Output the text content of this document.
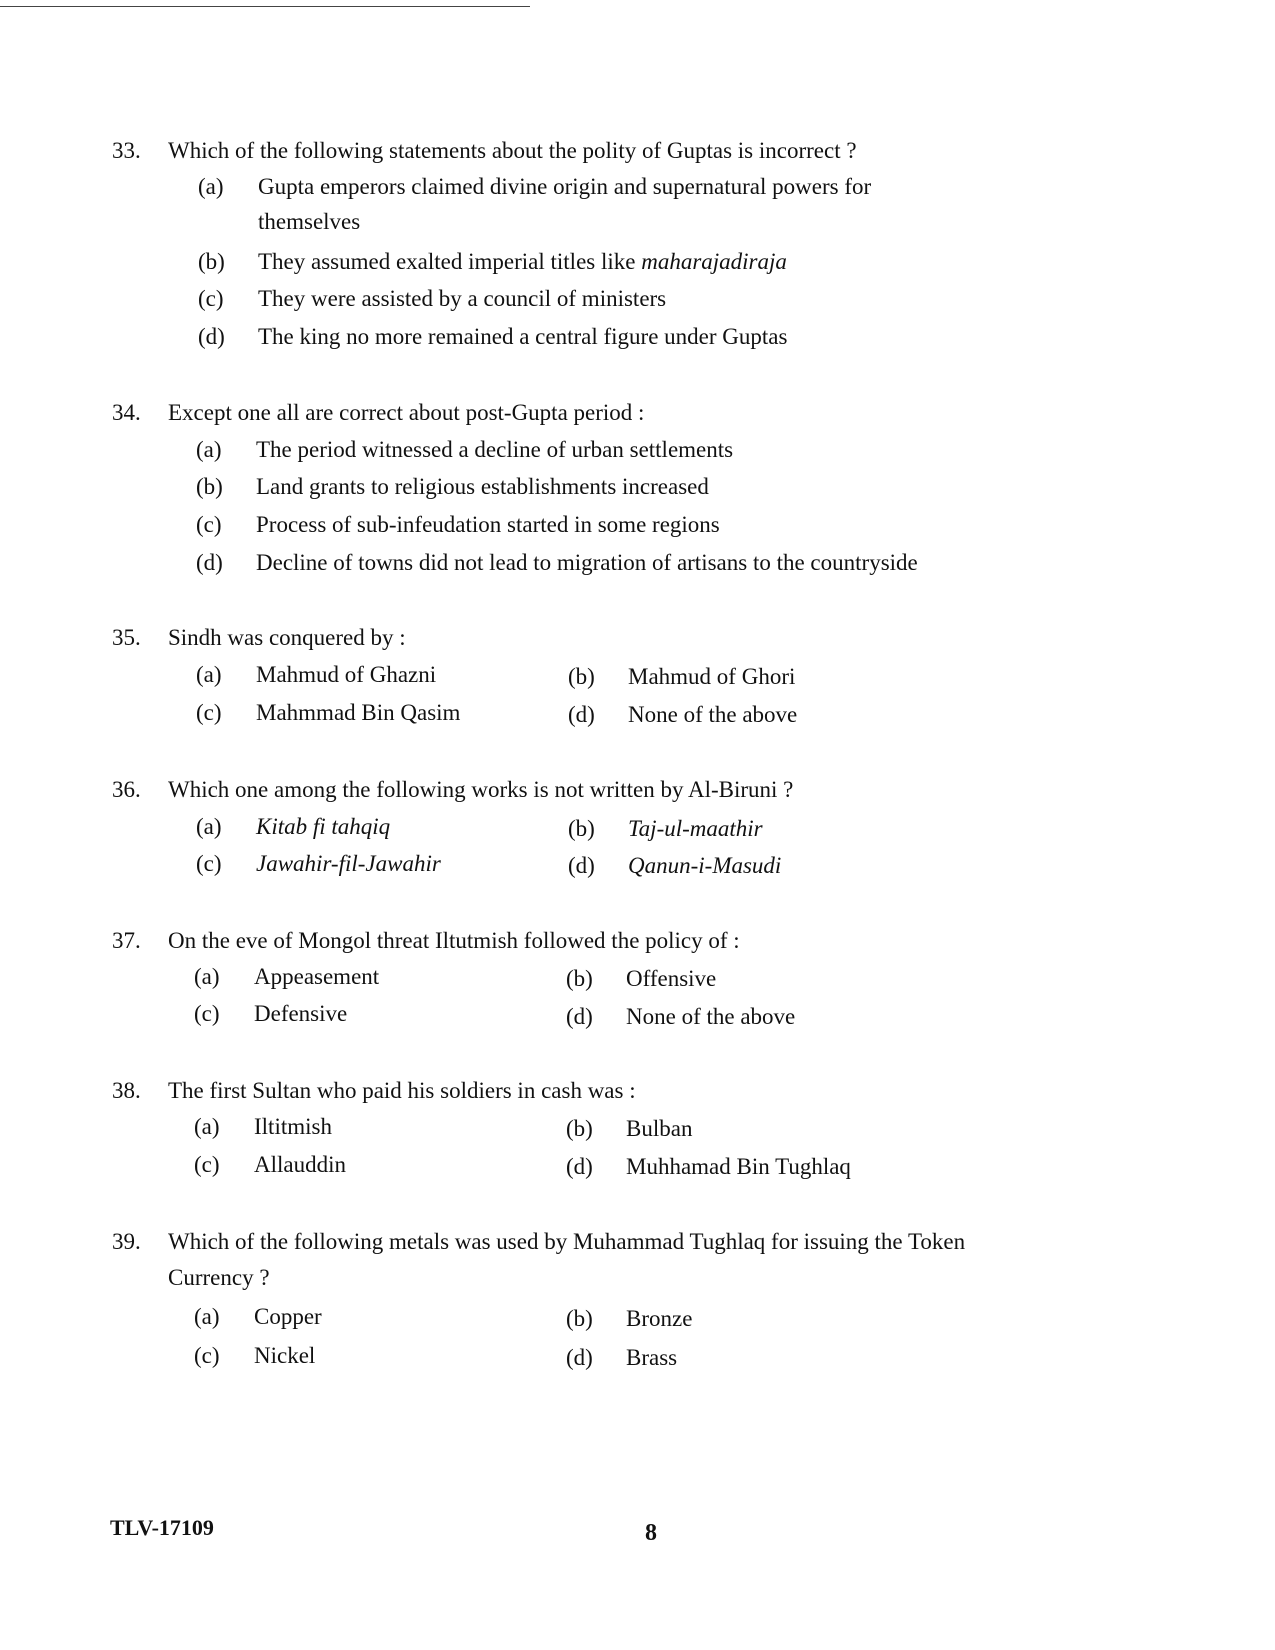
33. Which of the following statements about the polity of Guptas is incorrect ?
(a) Gupta emperors claimed divine origin and supernatural powers for
themselves
(b) They assumed exalted imperial titles like maharajadiraja
(c) They were assisted by a council of ministers
(d) The king no more remained a central figure under Guptas
34. Except one all are correct about post-Gupta period :
(a) The period witnessed a decline of urban settlements
(b) Land grants to religious establishments increased
(c) Process of sub-infeudation started in some regions
(d) Decline of towns did not lead to migration of artisans to the countryside
35. Sindh was conquered by :
(a) Mahmud of Ghazni	(b) Mahmud of Ghori
(c) Mahmmad Bin Qasim	(d) None of the above
36. Which one among the following works is not written by Al-Biruni ?
(a) Kitab fi tahqiq	(b) Taj-ul-maathir
(c) Jawahir-fil-Jawahir	(d) Qanun-i-Masudi
37. On the eve of Mongol threat Iltutmish followed the policy of :
(a) Appeasement	(b) Offensive
(c) Defensive	(d) None of the above
38. The first Sultan who paid his soldiers in cash was :
(a) Iltitmish	(b) Bulban
(c) Allauddin	(d) Muhhamad Bin Tughlaq
39. Which of the following metals was used by Muhammad Tughlaq for issuing the Token
Currency ?
(a) Copper	(b) Bronze
(c) Nickel	(d) Brass
TLV-17109	8
